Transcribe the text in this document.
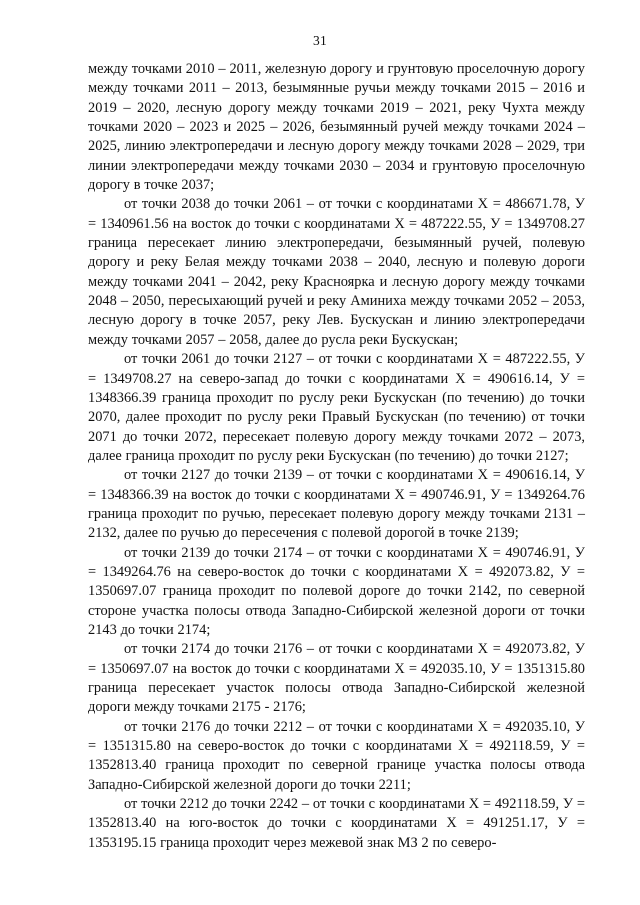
31

между точками 2010 – 2011, железную дорогу и грунтовую проселочную дорогу между точками 2011 – 2013, безымянные ручьи между точками 2015 – 2016 и 2019 – 2020, лесную дорогу между точками 2019 – 2021, реку Чухта между точками 2020 – 2023 и 2025 – 2026, безымянный ручей между точками 2024 – 2025, линию электропередачи и лесную дорогу между точками 2028 – 2029, три линии электропередачи между точками 2030 – 2034 и грунтовую проселочную дорогу в точке 2037;

от точки 2038 до точки 2061 – от точки с координатами Х = 486671.78, У = 1340961.56 на восток до точки с координатами Х = 487222.55, У = 1349708.27 граница пересекает линию электропередачи, безымянный ручей, полевую дорогу и реку Белая между точками 2038 – 2040, лесную и полевую дороги между точками 2041 – 2042, реку Красноярка и лесную дорогу между точками 2048 – 2050, пересыхающий ручей и реку Аминиха между точками 2052 – 2053, лесную дорогу в точке 2057, реку Лев. Бускускан и линию электропередачи между точками 2057 – 2058, далее до русла реки Бускускан;

от точки 2061 до точки 2127 – от точки с координатами Х = 487222.55, У = 1349708.27 на северо-запад до точки с координатами Х = 490616.14, У = 1348366.39 граница проходит по руслу реки Бускускан (по течению) до точки 2070, далее проходит по руслу реки Правый Бускускан (по течению) от точки 2071 до точки 2072, пересекает полевую дорогу между точками 2072 – 2073, далее граница проходит по руслу реки Бускускан (по течению) до точки 2127;

от точки 2127 до точки 2139 – от точки с координатами Х = 490616.14, У = 1348366.39 на восток до точки с координатами Х = 490746.91, У = 1349264.76 граница проходит по ручью, пересекает полевую дорогу между точками 2131 – 2132, далее по ручью до пересечения с полевой дорогой в точке 2139;

от точки 2139 до точки 2174 – от точки с координатами Х = 490746.91, У = 1349264.76 на северо-восток до точки с координатами Х = 492073.82, У = 1350697.07 граница проходит по полевой дороге до точки 2142, по северной стороне участка полосы отвода Западно-Сибирской железной дороги от точки 2143 до точки 2174;

от точки 2174 до точки 2176 – от точки с координатами Х = 492073.82, У = 1350697.07 на восток до точки с координатами Х = 492035.10, У = 1351315.80 граница пересекает участок полосы отвода Западно-Сибирской железной дороги между точками 2175 - 2176;

от точки 2176 до точки 2212 – от точки с координатами Х = 492035.10, У = 1351315.80 на северо-восток до точки с координатами Х = 492118.59, У = 1352813.40 граница проходит по северной границе участка полосы отвода Западно-Сибирской железной дороги до точки 2211;

от точки 2212 до точки 2242 – от точки с координатами Х = 492118.59, У = 1352813.40 на юго-восток до точки с координатами Х = 491251.17, У = 1353195.15 граница проходит через межевой знак МЗ 2 по северо-
